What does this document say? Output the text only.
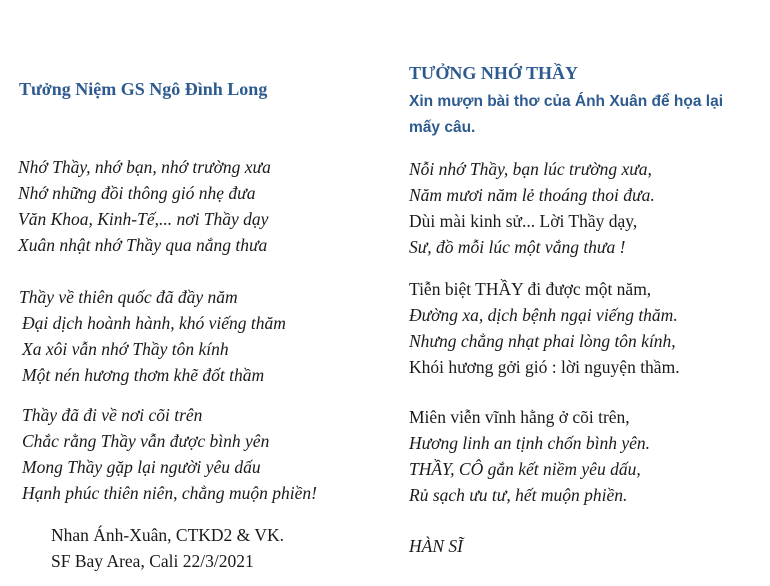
Tưởng Niệm GS Ngô Đình Long
Nhớ Thầy, nhớ bạn, nhớ trường xưa
Nhớ những đồi thông gió nhẹ đưa
Văn Khoa, Kinh-Tế,... nơi Thầy dạy
Xuân nhật nhớ Thầy qua nắng thưa
Thầy về thiên quốc đã đầy năm
Đại dịch hoành hành, khó viếng thăm
Xa xôi vẫn nhớ Thầy tôn kính
Một nén hương thơm khẽ đốt thầm
Thầy đã đi về nơi cõi trên
Chắc rằng Thầy vẫn được bình yên
Mong Thầy gặp lại người yêu dấu
Hạnh phúc thiên niên, chẳng muộn phiền!
Nhan Ánh-Xuân, CTKD2 & VK.
SF Bay Area, Cali 22/3/2021
TƯỞNG NHỚ THẦY
Xin mượn bài thơ của Ánh Xuân để họa lại mấy câu.
Nỗi nhớ Thầy, bạn lúc trường xưa,
Năm mươi năm lẻ thoáng thoi đưa.
Dùi mài kinh sử... Lời Thầy dạy,
Sư, đồ mỗi lúc một vắng thưa !
Tiễn biệt THẦY đi được một năm,
Đường xa, dịch bệnh ngại viếng thăm.
Nhưng chẳng nhạt phai lòng tôn kính,
Khói hương gởi gió : lời nguyện thầm.
Miên viễn vĩnh hằng ở cõi trên,
Hương linh an tịnh chốn bình yên.
THẦY, CÔ gắn kết niềm yêu dấu,
Rủ sạch ưu tư, hết muộn phiền.
HÀN SĨ
